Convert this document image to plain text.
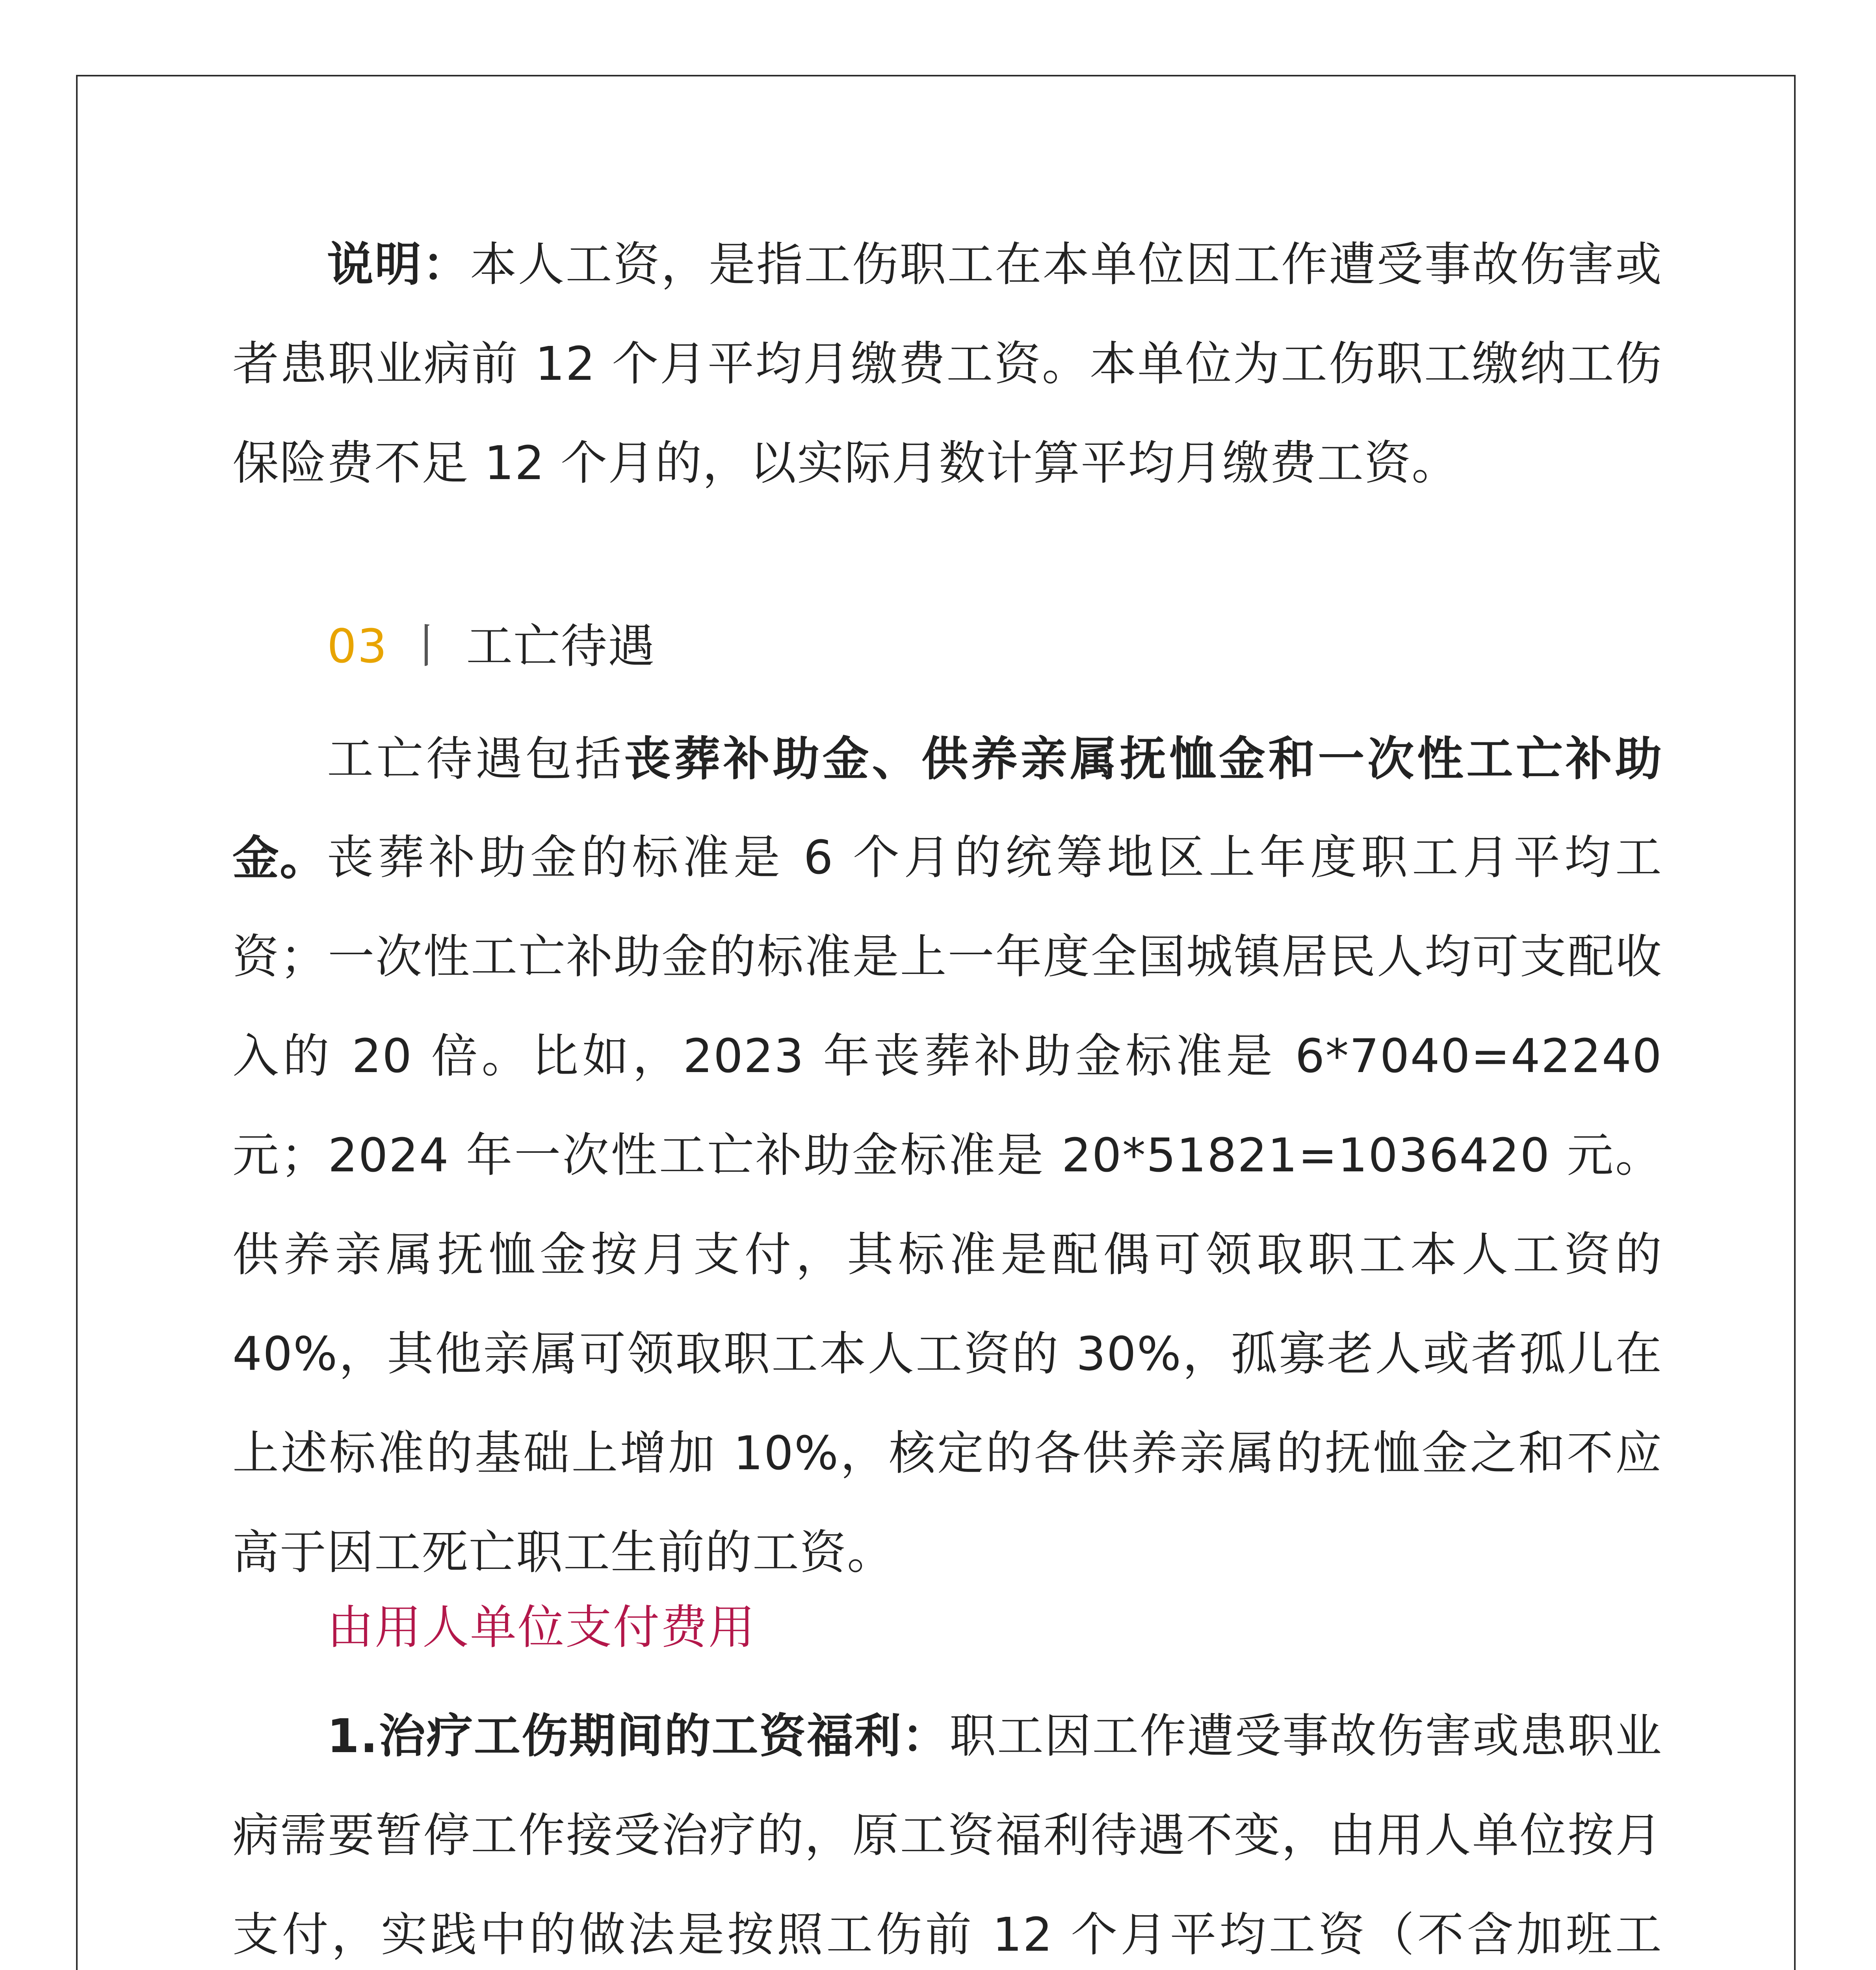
说明：本人工资，是指工伤职工在本单位因工作遭受事故伤害或者患职业病前 12 个月平均月缴费工资。本单位为工伤职工缴纳工伤保险费不足 12 个月的，以实际月数计算平均月缴费工资。

03 丨 工亡待遇

工亡待遇包括丧葬补助金、供养亲属抚恤金和一次性工亡补助金。 丧葬补助金的标准是 6 个月的统筹地区上年度职工月平均工资；一次性工亡补助金的标准是上一年度全国城镇居民人均可支配收入的 20 倍。比如，2023 年丧葬补助金标准是 6*7040=42240 元；2024 年一次性工亡补助金标准是 20*51821=1036420 元。供养亲属抚恤金按月支付，其标准是配偶可领取职工本人工资的 40%，其他亲属可领取职工本人工资的 30%，孤寡老人或者孤儿在上述标准的基础上增加 10%，核定的各供养亲属的抚恤金之和不应高于因工死亡职工生前的工资。

由用人单位支付费用

1.治疗工伤期间的工资福利：职工因工作遭受事故伤害或患职业病需要暂停工作接受治疗的，原工资福利待遇不变，由用人单位按月支付，实践中的做法是按照工伤前 12 个月平均工资（不含加班工
